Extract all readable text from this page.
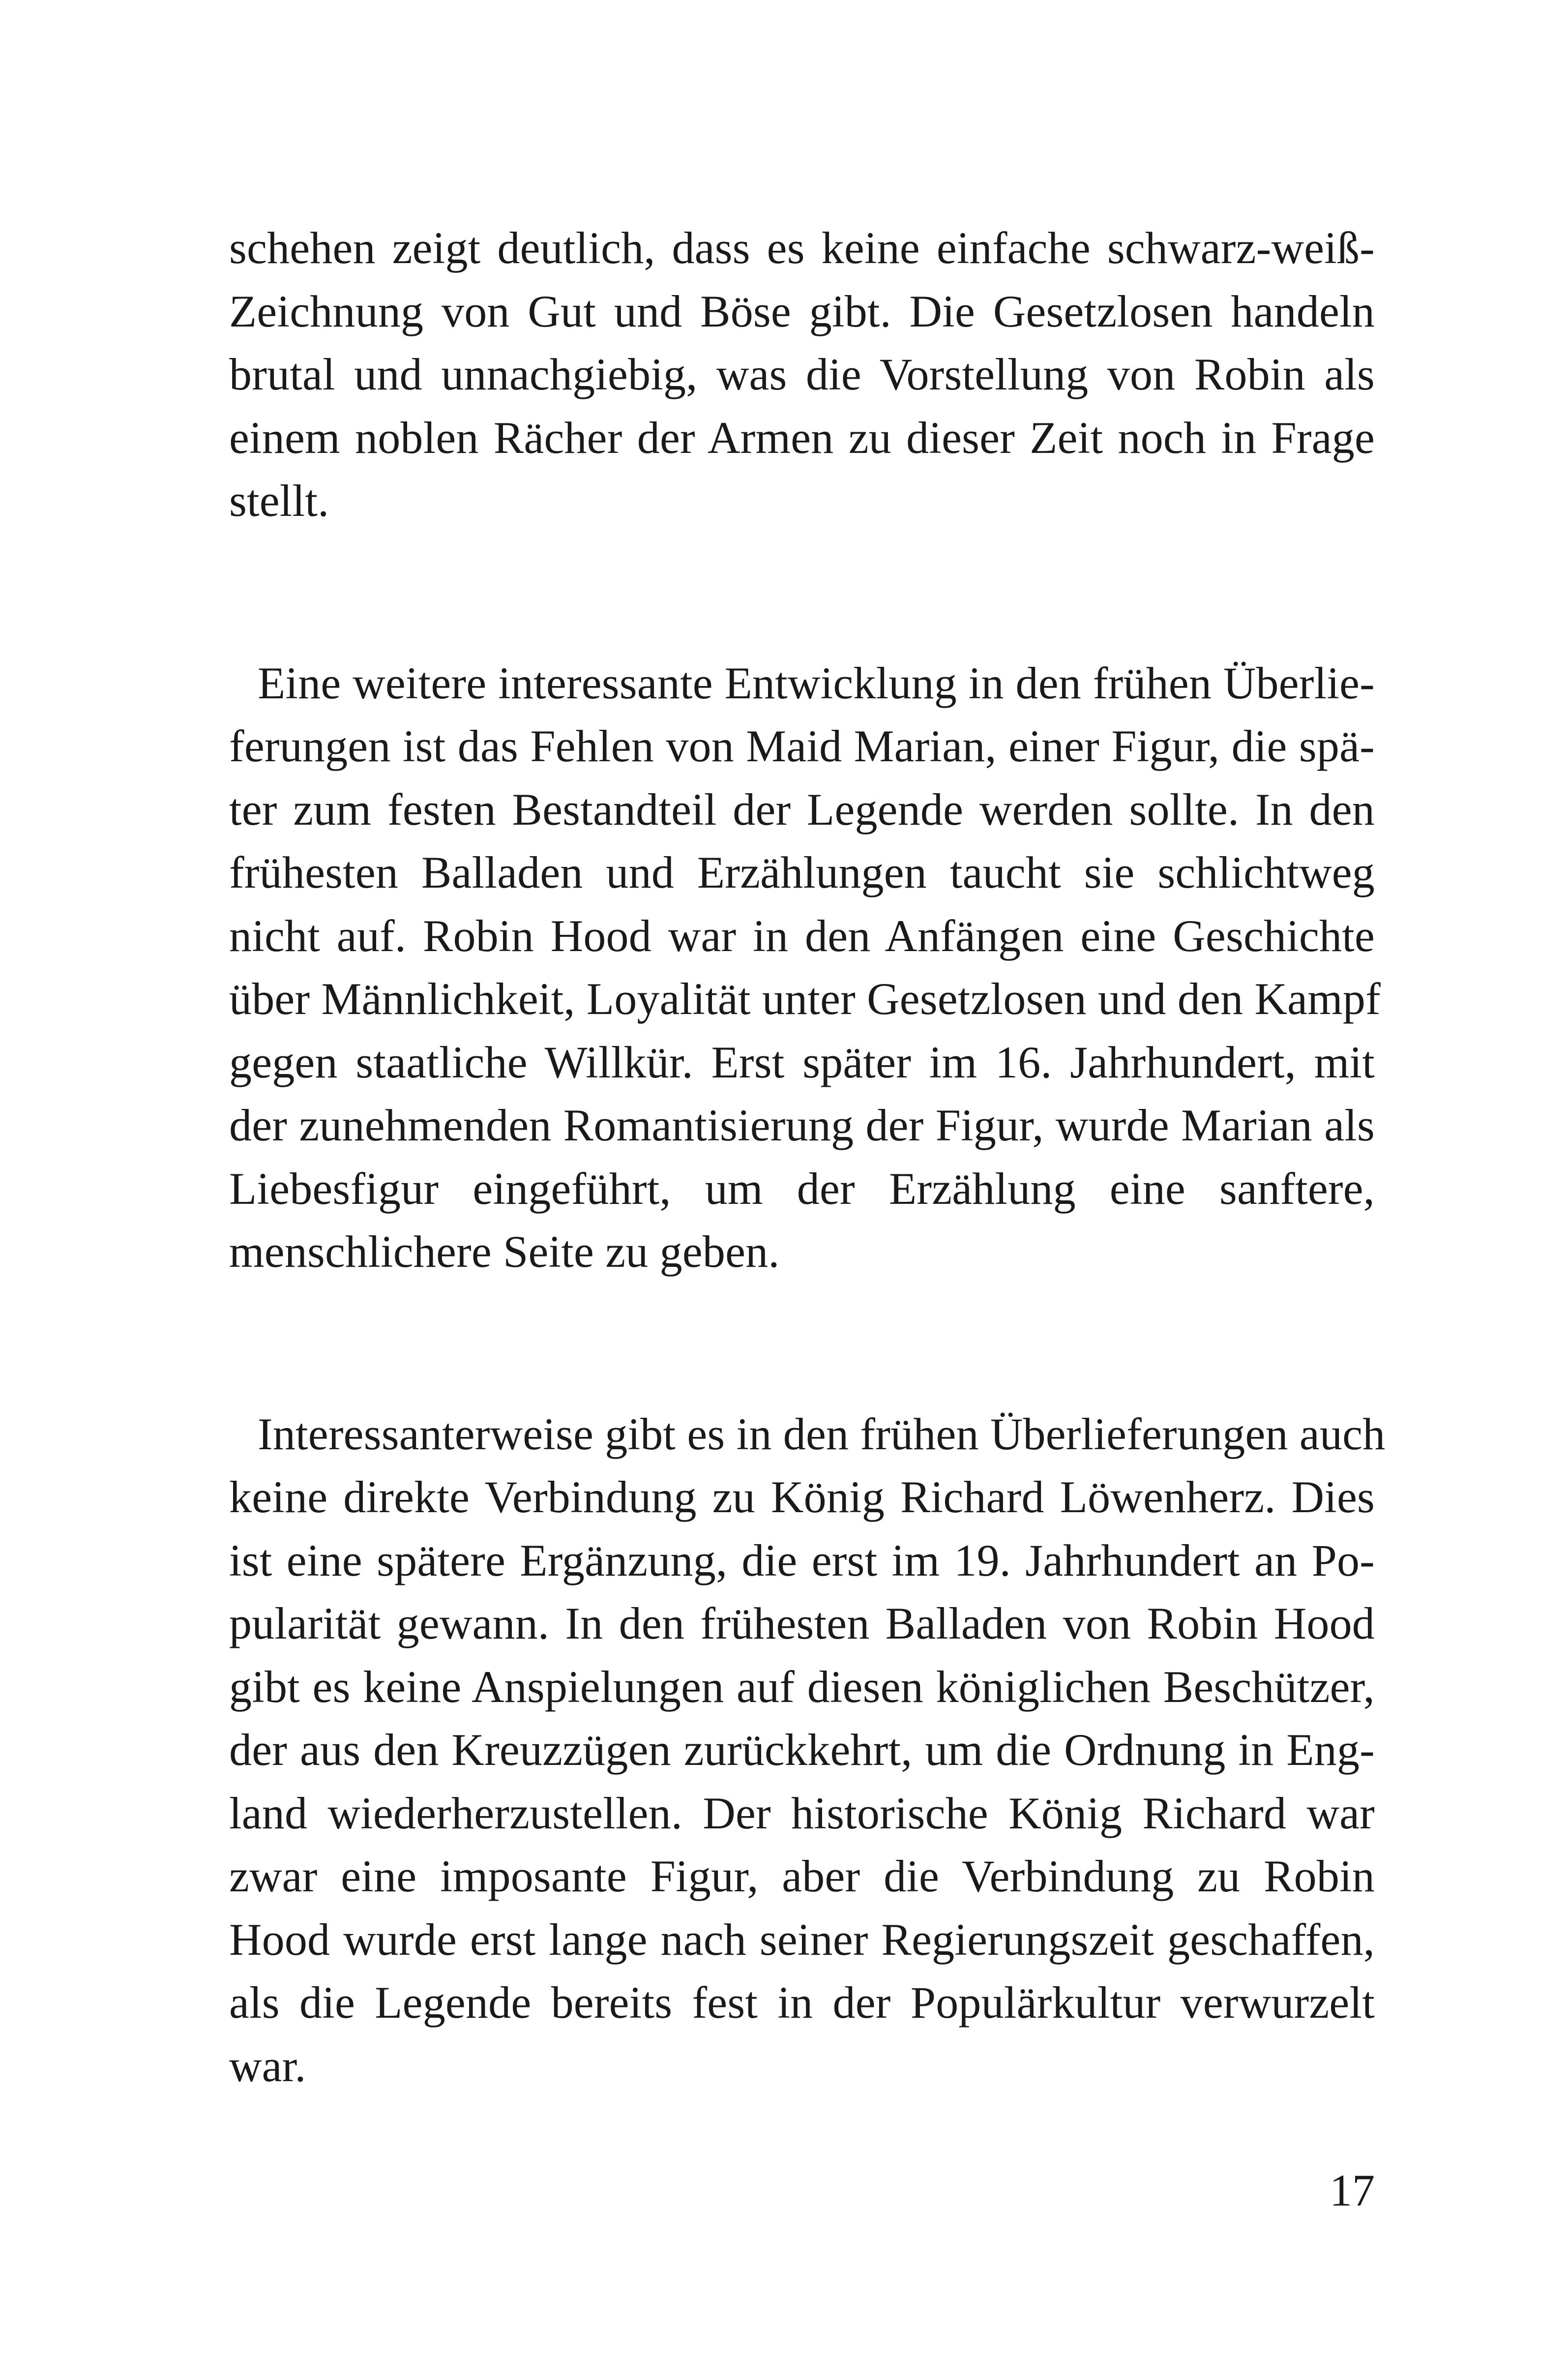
schehen zeigt deutlich, dass es keine einfache schwarz-weiß-
Zeichnung von Gut und Böse gibt. Die Gesetzlosen handeln
brutal und unnachgiebig, was die Vorstellung von Robin als
einem noblen Rächer der Armen zu dieser Zeit noch in Frage
stellt.
Eine weitere interessante Entwicklung in den frühen Überlie-
ferungen ist das Fehlen von Maid Marian, einer Figur, die spä-
ter zum festen Bestandteil der Legende werden sollte. In den
frühesten Balladen und Erzählungen taucht sie schlichtweg
nicht auf. Robin Hood war in den Anfängen eine Geschichte
über Männlichkeit, Loyalität unter Gesetzlosen und den Kampf
gegen staatliche Willkür. Erst später im 16. Jahrhundert, mit
der zunehmenden Romantisierung der Figur, wurde Marian als
Liebesfigur eingeführt, um der Erzählung eine sanftere,
menschlichere Seite zu geben.
Interessanterweise gibt es in den frühen Überlieferungen auch
keine direkte Verbindung zu König Richard Löwenherz. Dies
ist eine spätere Ergänzung, die erst im 19. Jahrhundert an Po-
pularität gewann. In den frühesten Balladen von Robin Hood
gibt es keine Anspielungen auf diesen königlichen Beschützer,
der aus den Kreuzzügen zurückkehrt, um die Ordnung in Eng-
land wiederherzustellen. Der historische König Richard war
zwar eine imposante Figur, aber die Verbindung zu Robin
Hood wurde erst lange nach seiner Regierungszeit geschaffen,
als die Legende bereits fest in der Populärkultur verwurzelt
war.
17
